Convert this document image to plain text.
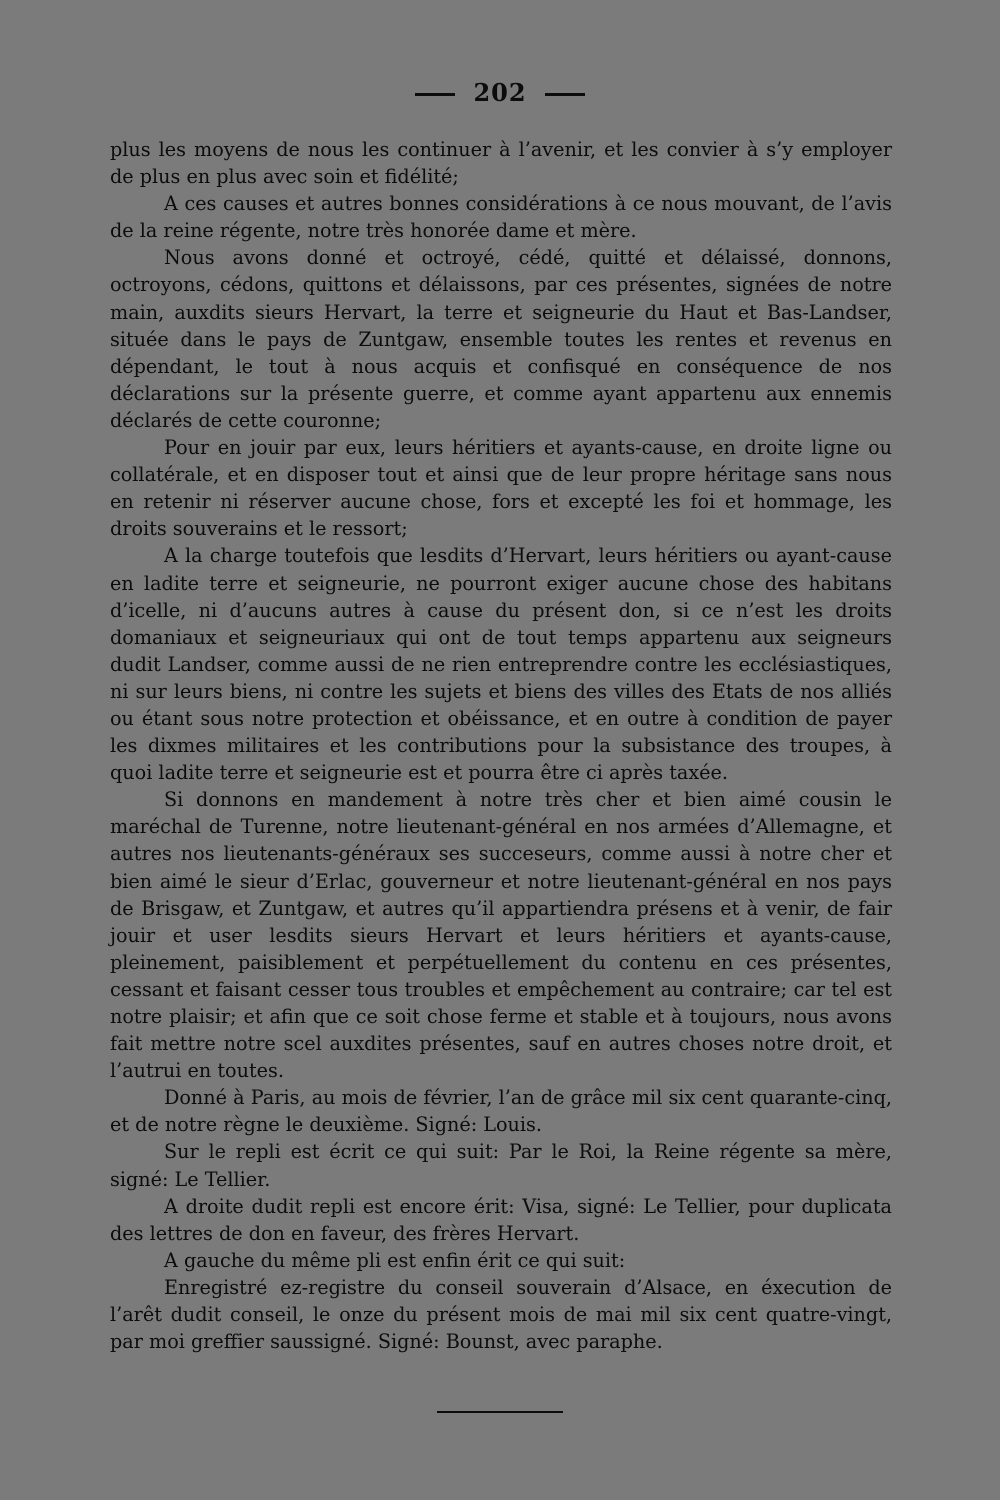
202

plus les moyens de nous les continuer à l’avenir, et les convier à s’y employer de plus en plus avec soin et fidélité;

A ces causes et autres bonnes considérations à ce nous mouvant, de l’avis de la reine régente, notre très honorée dame et mère.

Nous avons donné et octroyé, cédé, quitté et délaissé, donnons, octroyons, cédons, quittons et délaissons, par ces présentes, signées de notre main, auxdits sieurs Hervart, la terre et seigneurie du Haut et Bas-Landser, située dans le pays de Zuntgaw, ensemble toutes les rentes et revenus en dépendant, le tout à nous acquis et confisqué en conséquence de nos déclarations sur la présente guerre, et comme ayant appartenu aux ennemis déclarés de cette couronne;

Pour en jouir par eux, leurs héritiers et ayants-cause, en droite ligne ou collatérale, et en disposer tout et ainsi que de leur propre héritage sans nous en retenir ni réserver aucune chose, fors et excepté les foi et hommage, les droits souverains et le ressort;

A la charge toutefois que lesdits d’Hervart, leurs héritiers ou ayant-cause en ladite terre et seigneurie, ne pourront exiger aucune chose des habitans d’icelle, ni d’aucuns autres à cause du présent don, si ce n’est les droits domaniaux et seigneuriaux qui ont de tout temps appartenu aux seigneurs dudit Landser, comme aussi de ne rien entreprendre contre les ecclésiastiques, ni sur leurs biens, ni contre les sujets et biens des villes des Etats de nos alliés ou étant sous notre protection et obéissance, et en outre à condition de payer les dixmes militaires et les contributions pour la subsistance des troupes, à quoi ladite terre et seigneurie est et pourra être ci après taxée.

Si donnons en mandement à notre très cher et bien aimé cousin le maréchal de Turenne, notre lieutenant-général en nos armées d’Allemagne, et autres nos lieutenants-généraux ses succeseurs, comme aussi à notre cher et bien aimé le sieur d’Erlac, gouverneur et notre lieutenant-général en nos pays de Brisgaw, et Zuntgaw, et autres qu’il appartiendra présens et à venir, de fair jouir et user lesdits sieurs Hervart et leurs héritiers et ayants-cause, pleinement, paisiblement et perpétuellement du contenu en ces présentes, cessant et faisant cesser tous troubles et empêchement au contraire; car tel est notre plaisir; et afin que ce soit chose ferme et stable et à toujours, nous avons fait mettre notre scel auxdites présentes, sauf en autres choses notre droit, et l’autrui en toutes.

Donné à Paris, au mois de février, l’an de grâce mil six cent quarante-cinq, et de notre règne le deuxième. Signé: Louis.

Sur le repli est écrit ce qui suit: Par le Roi, la Reine régente sa mère, signé: Le Tellier.

A droite dudit repli est encore érit: Visa, signé: Le Tellier, pour duplicata des lettres de don en faveur, des frères Hervart.

A gauche du même pli est enfin érit ce qui suit:

Enregistré ez-registre du conseil souverain d’Alsace, en éxecution de l’arêt dudit conseil, le onze du présent mois de mai mil six cent quatre-vingt, par moi greffier saussigné. Signé: Bounst, avec paraphe.
